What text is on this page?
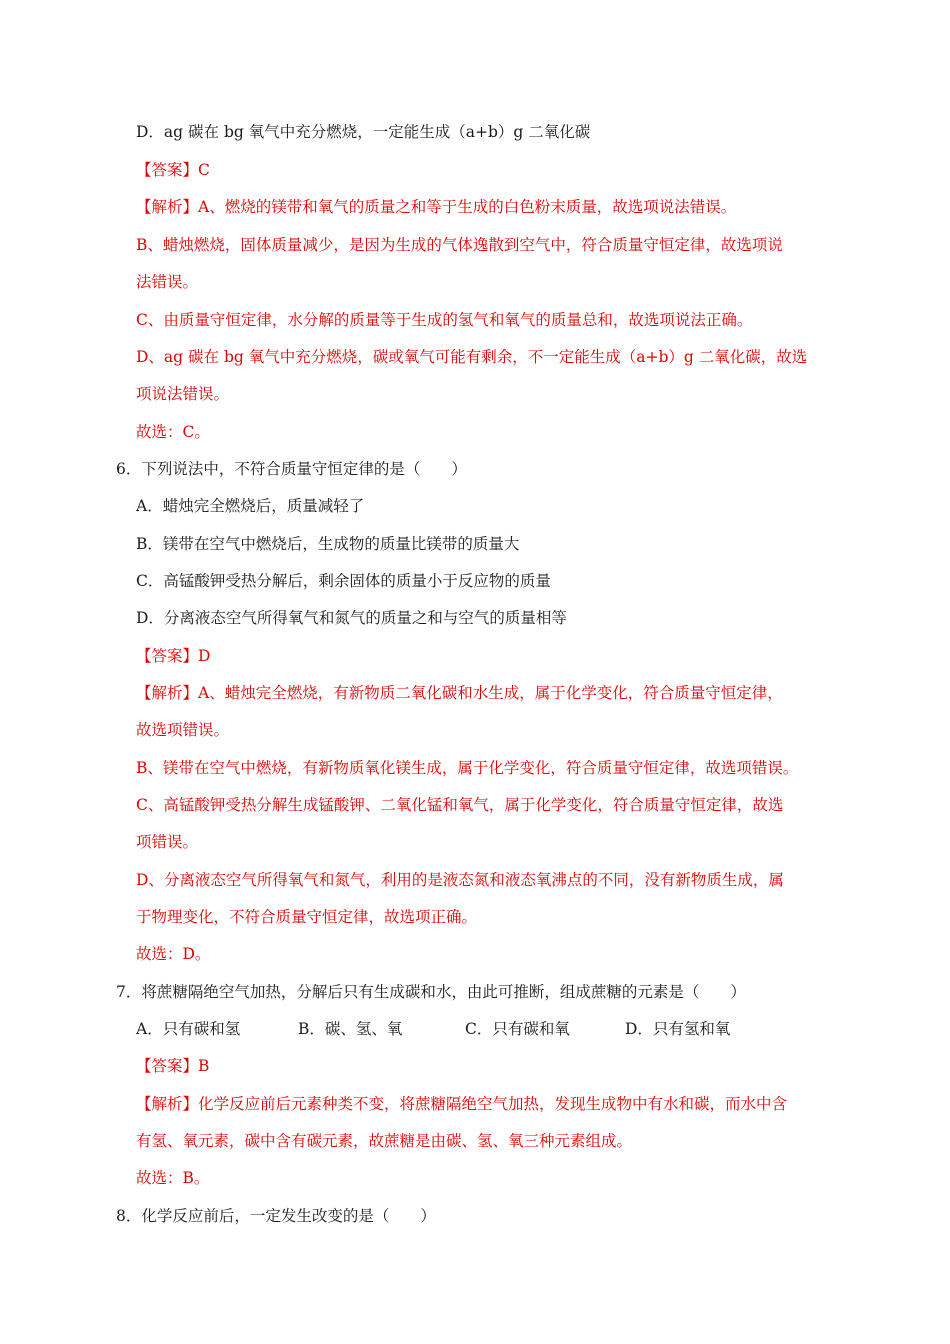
D．ag 碳在 bg 氧气中充分燃烧，一定能生成（a+b）g 二氧化碳
【答案】C
【解析】A、燃烧的镁带和氧气的质量之和等于生成的白色粉末质量，故选项说法错误。
B、蜡烛燃烧，固体质量减少，是因为生成的气体逸散到空气中，符合质量守恒定律，故选项说
法错误。
C、由质量守恒定律，水分解的质量等于生成的氢气和氧气的质量总和，故选项说法正确。
D、ag 碳在 bg 氧气中充分燃烧，碳或氧气可能有剩余，不一定能生成（a+b）g 二氧化碳，故选
项说法错误。
故选：C。
6．下列说法中，不符合质量守恒定律的是（　　）
A．蜡烛完全燃烧后，质量减轻了
B．镁带在空气中燃烧后，生成物的质量比镁带的质量大
C．高锰酸钾受热分解后，剩余固体的质量小于反应物的质量
D．分离液态空气所得氧气和氮气的质量之和与空气的质量相等
【答案】D
【解析】A、蜡烛完全燃烧，有新物质二氧化碳和水生成，属于化学变化，符合质量守恒定律，
故选项错误。
B、镁带在空气中燃烧，有新物质氧化镁生成，属于化学变化，符合质量守恒定律，故选项错误。
C、高锰酸钾受热分解生成锰酸钾、二氧化锰和氧气，属于化学变化，符合质量守恒定律，故选
项错误。
D、分离液态空气所得氧气和氮气，利用的是液态氮和液态氧沸点的不同，没有新物质生成，属
于物理变化，不符合质量守恒定律，故选项正确。
故选：D。
7．将蔗糖隔绝空气加热，分解后只有生成碳和水，由此可推断，组成蔗糖的元素是（　　）
A．只有碳和氢	B．碳、氢、氧	C．只有碳和氧	D．只有氢和氧
【答案】B
【解析】化学反应前后元素种类不变，将蔗糖隔绝空气加热，发现生成物中有水和碳，而水中含
有氢、氧元素，碳中含有碳元素，故蔗糖是由碳、氢、氧三种元素组成。
故选：B。
8．化学反应前后，一定发生改变的是（　　）
